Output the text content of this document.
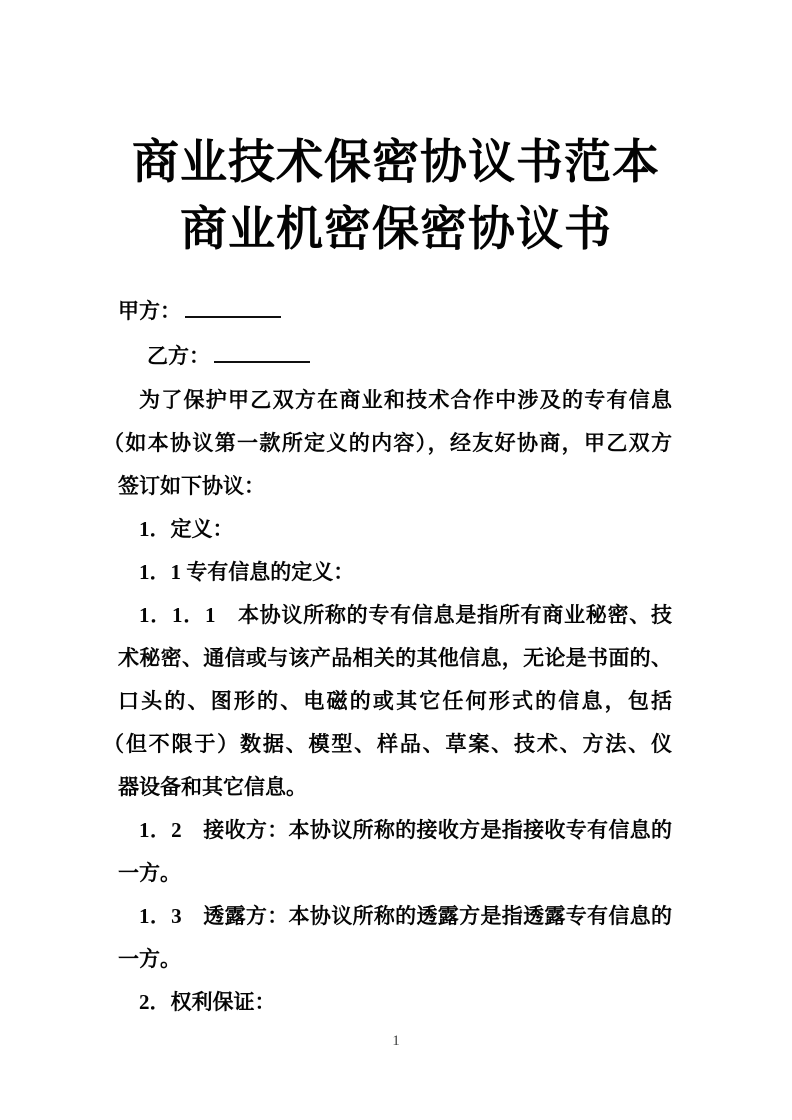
商业技术保密协议书范本
商业机密保密协议书
甲方：
乙方：
为了保护甲乙双方在商业和技术合作中涉及的专有信息
（如本协议第一款所定义的内容），经友好协商，甲乙双方
签订如下协议：
1．定义：
1．1 专有信息的定义：
1．1．1　本协议所称的专有信息是指所有商业秘密、技
术秘密、通信或与该产品相关的其他信息，无论是书面的、
口头的、图形的、电磁的或其它任何形式的信息，包括
（但不限于）数据、模型、样品、草案、技术、方法、仪
器设备和其它信息。
1．2　接收方：本协议所称的接收方是指接收专有信息的
一方。
1．3　透露方：本协议所称的透露方是指透露专有信息的
一方。
2．权利保证：
1
